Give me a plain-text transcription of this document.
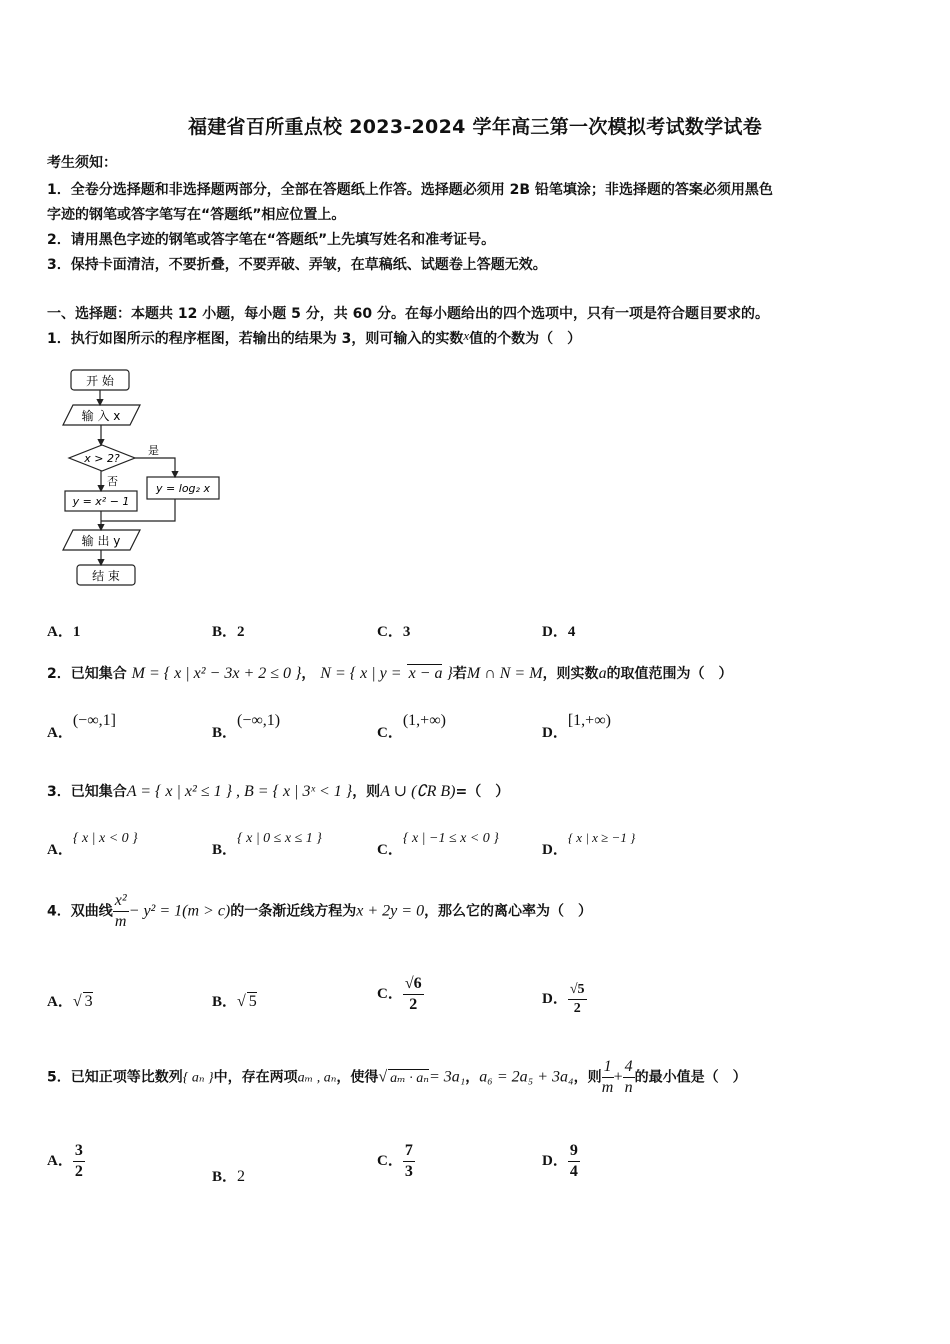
福建省百所重点校 2023-2024 学年高三第一次模拟考试数学试卷
考生须知：
1．全卷分选择题和非选择题两部分，全部在答题纸上作答。选择题必须用 2B 铅笔填涂；非选择题的答案必须用黑色
字迹的钢笔或答字笔写在“答题纸”相应位置上。
2．请用黑色字迹的钢笔或答字笔在“答题纸”上先填写姓名和准考证号。
3．保持卡面清洁，不要折叠，不要弄破、弄皱，在草稿纸、试题卷上答题无效。
一、选择题：本题共 12 小题，每小题 5 分，共 60 分。在每小题给出的四个选项中，只有一项是符合题目要求的。
1．执行如图所示的程序框图，若输出的结果为 3，则可输入的实数x值的个数为（　）
开 始
输 入 x
x > 2?
是
否
y = x² − 1
y = log₂ x
输 出 y
结 束
A．1	B．2	C．3	D．4
2．已知集合 M = { x | x² − 3x + 2 ≤ 0 }， N = { x | y = x − a }若M ∩ N = M，则实数a的取值范围为（　）
A．(−∞,1]
B．(−∞,1)
C．(1,+∞)
D．[1,+∞)
3．已知集合A = { x | x² ≤ 1 } , B = { x | 3ˣ < 1 }，则A ∪ (∁R B)=（　）
A．{ x | x < 0 }
B．{ x | 0 ≤ x ≤ 1 }
C．{ x | −1 ≤ x < 0 }
D．{ x | x ≥ −1 }
4．双曲线 $\frac{\text{x²}}{m} - y^2 = 1(m > c)$的一条渐近线方程为x + 2y = 0，那么它的离心率为（　）
A．√ 3	B．√ 5	C． $\frac{√6}{2}$	D． $\frac{√5}{2}$
5．已知正项等比数列{ aₙ }中，存在两项aₘ , aₙ，使得√ aₘ · aₙ= 3a₁，a₆ = 2a₅ + 3a₄，则 $\frac{1}{m} + \frac{4}{n}$ 的最小值是（　）
A． $\frac{3}{2}$	B．2
C． $\frac{7}{3}$	D． $\frac{9}{4}$
